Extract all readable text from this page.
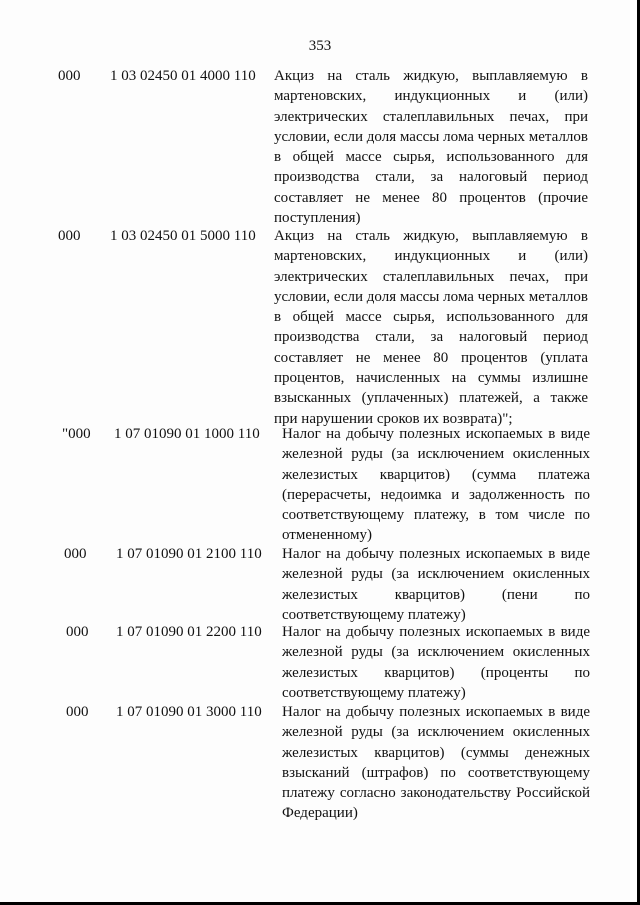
353
000 1 03 02450 01 4000 110 Акциз на сталь жидкую, выплавляемую в мартеновских, индукционных и (или) электрических сталеплавильных печах, при условии, если доля массы лома черных металлов в общей массе сырья, использованного для производства стали, за налоговый период составляет не менее 80 процентов (прочие поступления)
000 1 03 02450 01 5000 110 Акциз на сталь жидкую, выплавляемую в мартеновских, индукционных и (или) электрических сталеплавильных печах, при условии, если доля массы лома черных металлов в общей массе сырья, использованного для производства стали, за налоговый период составляет не менее 80 процентов (уплата процентов, начисленных на суммы излишне взысканных (уплаченных) платежей, а также при нарушении сроков их возврата)";
"000 1 07 01090 01 1000 110 Налог на добычу полезных ископаемых в виде железной руды (за исключением окисленных железистых кварцитов) (сумма платежа (перерасчеты, недоимка и задолженность по соответствующему платежу, в том числе по отмененному)
000 1 07 01090 01 2100 110 Налог на добычу полезных ископаемых в виде железной руды (за исключением окисленных железистых кварцитов) (пени по соответствующему платежу)
000 1 07 01090 01 2200 110 Налог на добычу полезных ископаемых в виде железной руды (за исключением окисленных железистых кварцитов) (проценты по соответствующему платежу)
000 1 07 01090 01 3000 110 Налог на добычу полезных ископаемых в виде железной руды (за исключением окисленных железистых кварцитов) (суммы денежных взысканий (штрафов) по соответствующему платежу согласно законодательству Российской Федерации)
